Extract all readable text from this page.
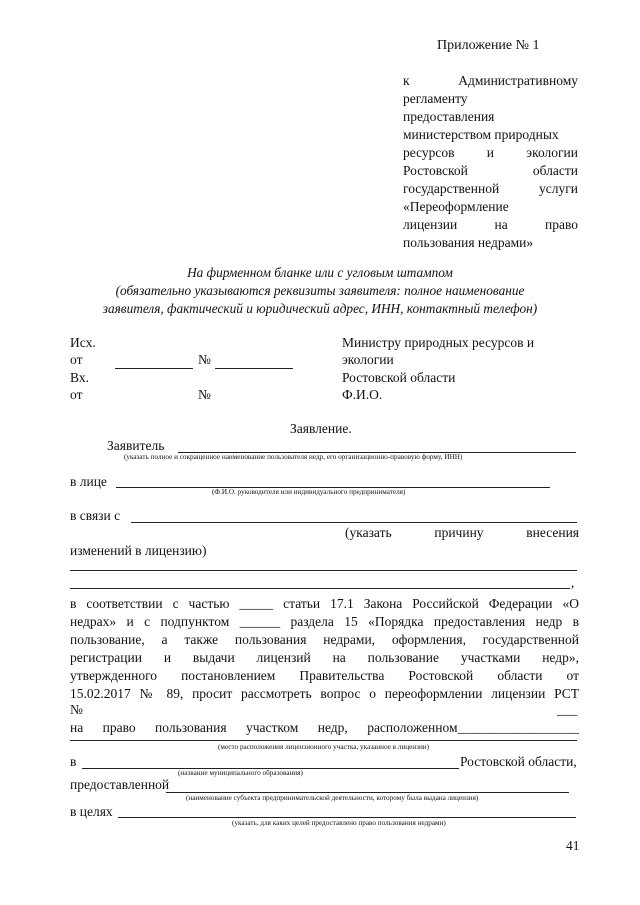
Приложение № 1
к Административному
регламенту
предоставления
министерством природных
ресурсов и экологии
Ростовской области
государственной услуги
«Переоформление
лицензии на право
пользования недрами»
На фирменном бланке или с угловым штампом
(обязательно указываются реквизиты заявителя: полное наименование
заявителя, фактический и юридический адрес, ИНН, контактный телефон)
Исх.
от	№
Вх.
от	№
Министру природных ресурсов и
экологии
Ростовской области
Ф.И.О.
Заявление.
Заявитель
(указать полное и сокращенное наименование пользователя недр, его организационно-правовую форму, ИНН)
в лице
(Ф.И.О. руководителя или индивидуального предпринимателя)
в связи с
(указать причину внесения
изменений в лицензию)
,
в соответствии с частью _____ статьи 17.1 Закона Российской Федерации «О
недрах» и с подпунктом ______ раздела 15 «Порядка предоставления недр в
пользование, а также пользования недрами, оформления, государственной
регистрации и выдачи лицензий на пользование участками недр»,
утвержденного постановлением Правительства Ростовской области от
15.02.2017 № 89, просит рассмотреть вопрос о переоформлении лицензии РСТ
№	___
на право пользования участком недр, расположенном__________________
(место расположения лицензионного участка, указанное в лицензии)
в	Ростовской области,
(название муниципального образования)
предоставленной
(наименование субъекта предпринимательской деятельности, которому была выдана лицензия)
в целях
(указать, для каких целей предоставлено право пользования недрами)
41
